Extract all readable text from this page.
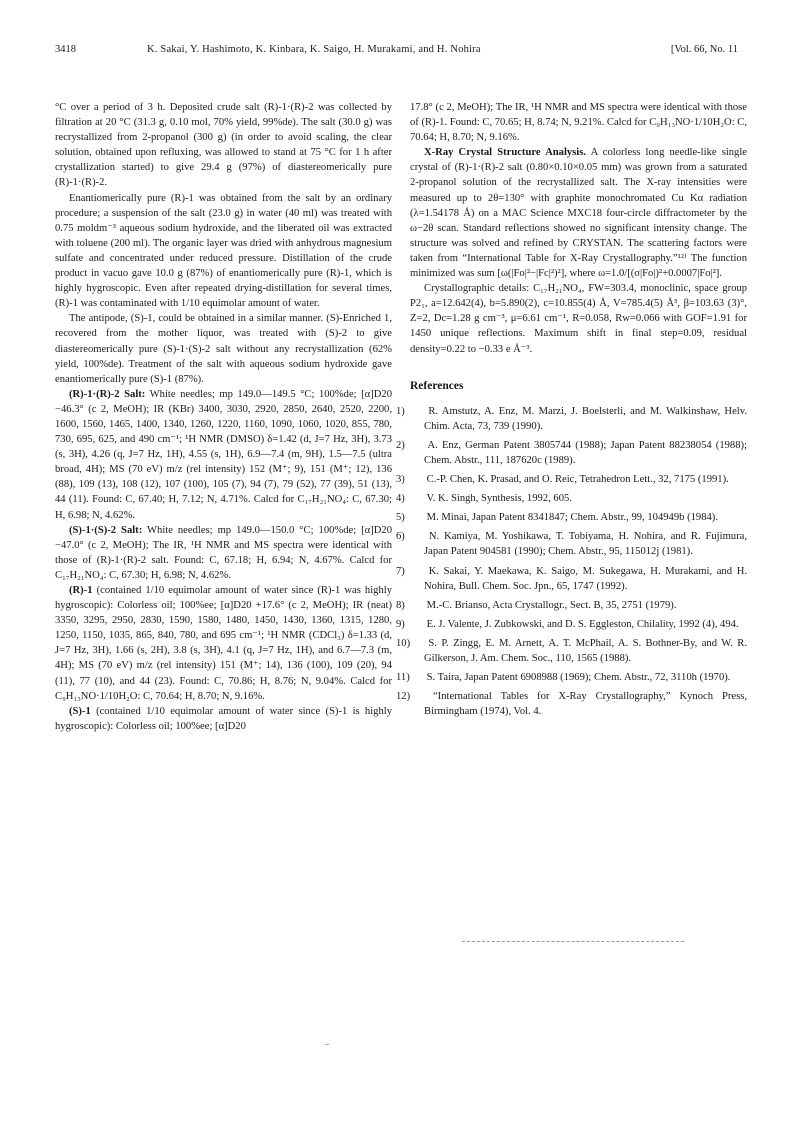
3418	K. Sakai, Y. Hashimoto, K. Kinbara, K. Saigo, H. Murakami, and H. Nohira	[Vol. 66, No. 11

°C over a period of 3 h. Deposited crude salt (R)-1·(R)-2 was collected by filtration at 20 °C (31.3 g, 0.10 mol, 70% yield, 99%de). The salt (30.0 g) was recrystallized from 2-propanol (300 g) (in order to avoid scaling, the clear solution, obtained upon refluxing, was allowed to stand at 75 °C for 1 h after crystallization started) to give 29.4 g (97%) of diastereomerically pure (R)-1·(R)-2.

Enantiomerically pure (R)-1 was obtained from the salt by an ordinary procedure; a suspension of the salt (23.0 g) in water (40 ml) was treated with 0.75 moldm⁻³ aqueous sodium hydroxide, and the liberated oil was extracted with toluene (200 ml). The organic layer was dried with anhydrous magnesium sulfate and concentrated under reduced pressure. Distillation of the crude product in vacuo gave 10.0 g (87%) of enantiomerically pure (R)-1, which is highly hygroscopic. Even after repeated drying-distillation for several times, (R)-1 was contaminated with 1/10 equimolar amount of water.

The antipode, (S)-1, could be obtained in a similar manner. (S)-Enriched 1, recovered from the mother liquor, was treated with (S)-2 to give diastereomerically pure (S)-1·(S)-2 salt without any recrystallization (62% yield, 100%de). Treatment of the salt with aqueous sodium hydroxide gave enantiomerically pure (S)-1 (87%).

(R)-1·(R)-2 Salt: White needles; mp 149.0—149.5 °C; 100%de; [α]D20 −46.3° (c 2, MeOH); IR (KBr) 3400, 3030, 2920, 2850, 2640, 2520, 2200, 1600, 1560, 1465, 1400, 1340, 1260, 1220, 1160, 1090, 1060, 1020, 855, 780, 730, 695, 625, and 490 cm⁻¹; ¹H NMR (DMSO) δ=1.42 (d, J=7 Hz, 3H), 3.73 (s, 3H), 4.26 (q, J=7 Hz, 1H), 4.55 (s, 1H), 6.9—7.4 (m, 9H), 1.5—7.5 (ultra broad, 4H); MS (70 eV) m/z (rel intensity) 152 (M⁺; 9), 151 (M⁺; 12), 136 (88), 109 (13), 108 (12), 107 (100), 105 (7), 94 (7), 79 (52), 77 (39), 51 (13), 44 (11). Found: C, 67.40; H, 7.12; N, 4.71%. Calcd for C₁₇H₂₁NO₄: C, 67.30; H, 6.98; N, 4.62%.

(S)-1·(S)-2 Salt: White needles; mp 149.0—150.0 °C; 100%de; [α]D20 −47.0° (c 2, MeOH); The IR, ¹H NMR and MS spectra were identical with those of (R)-1·(R)-2 salt. Found: C, 67.18; H, 6.94; N, 4.67%. Calcd for C₁₇H₂₁NO₄: C, 67.30; H, 6.98; N, 4.62%.

(R)-1 (contained 1/10 equimolar amount of water since (R)-1 was highly hygroscopic): Colorless oil; 100%ee; [α]D20 +17.6° (c 2, MeOH); IR (neat) 3350, 3295, 2950, 2830, 1590, 1580, 1480, 1450, 1430, 1360, 1315, 1280, 1250, 1150, 1035, 865, 840, 780, and 695 cm⁻¹; ¹H NMR (CDCl₃) δ=1.33 (d, J=7 Hz, 3H), 1.66 (s, 2H), 3.8 (s, 3H), 4.1 (q, J=7 Hz, 1H), and 6.7—7.3 (m, 4H); MS (70 eV) m/z (rel intensity) 151 (M⁺; 14), 136 (100), 109 (20), 94 (11), 77 (10), and 44 (23). Found: C, 70.86; H, 8.76; N, 9.04%. Calcd for C₉H₁₃NO·1/10H₂O: C, 70.64; H, 8.70; N, 9.16%.

(S)-1 (contained 1/10 equimolar amount of water since (S)-1 is highly hygroscopic): Colorless oil; 100%ee; [α]D20

17.8° (c 2, MeOH); The IR, ¹H NMR and MS spectra were identical with those of (R)-1. Found: C, 70.65; H, 8.74; N, 9.21%. Calcd for C₉H₁₃NO·1/10H₂O: C, 70.64; H, 8.70; N, 9.16%.

X-Ray Crystal Structure Analysis. A colorless long needle-like single crystal of (R)-1·(R)-2 salt (0.80×0.10×0.05 mm) was grown from a saturated 2-propanol solution of the recrystallized salt. The X-ray intensities were measured up to 2θ=130° with graphite monochromated Cu Kα radiation (λ=1.54178 Å) on a MAC Science MXC18 four-circle diffractometer by the ω−2θ scan. Standard reflections showed no significant intensity change. The structure was solved and refined by CRYSTAN. The scattering factors were taken from “International Table for X-Ray Crystallography.”¹²⁾ The function minimized was sum [ω(|Fo|²−|Fc|²)²], where ω=1.0/[(σ|Fo|)²+0.0007|Fo|²].

Crystallographic details: C₁₇H₂₁NO₄, FW=303.4, monoclinic, space group P2₁, a=12.642(4), b=5.890(2), c=10.855(4) Å, V=785.4(5) Å³, β=103.63 (3)°, Z=2, Dc=1.28 g cm⁻³, μ=6.61 cm⁻¹, R=0.058, Rw=0.066 with GOF=1.91 for 1450 unique reflections. Maximum shift in final step=0.09, residual density=0.22 to −0.33 e Å⁻³.

References
1) R. Amstutz, A. Enz, M. Marzi, J. Boelsterli, and M. Walkinshaw, Helv. Chim. Acta, 73, 739 (1990).
2) A. Enz, German Patent 3805744 (1988); Japan Patent 88238054 (1988); Chem. Abstr., 111, 187620c (1989).
3) C.-P. Chen, K. Prasad, and O. Reic, Tetrahedron Lett., 32, 7175 (1991).
4) V. K. Singh, Synthesis, 1992, 605.
5) M. Minai, Japan Patent 8341847; Chem. Abstr., 99, 104949b (1984).
6) N. Kamiya, M. Yoshikawa, T. Tobiyama, H. Nohira, and R. Fujimura, Japan Patent 904581 (1990); Chem. Abstr., 95, 115012j (1981).
7) K. Sakai, Y. Maekawa, K. Saigo, M. Sukegawa, H. Murakami, and H. Nohira, Bull. Chem. Soc. Jpn., 65, 1747 (1992).
8) M.-C. Brianso, Acta Crystallogr., Sect. B, 35, 2751 (1979).
9) E. J. Valente, J. Zubkowski, and D. S. Eggleston, Chilality, 1992 (4), 494.
10) S. P. Zingg, E. M. Arnett, A. T. McPhail, A. S. Bothner-By, and W. R. Gilkerson, J. Am. Chem. Soc., 110, 1565 (1988).
11) S. Taira, Japan Patent 6908988 (1969); Chem. Abstr., 72, 3110h (1970).
12) “International Tables for X-Ray Crystallography,” Kynoch Press, Birmingham (1974), Vol. 4.
